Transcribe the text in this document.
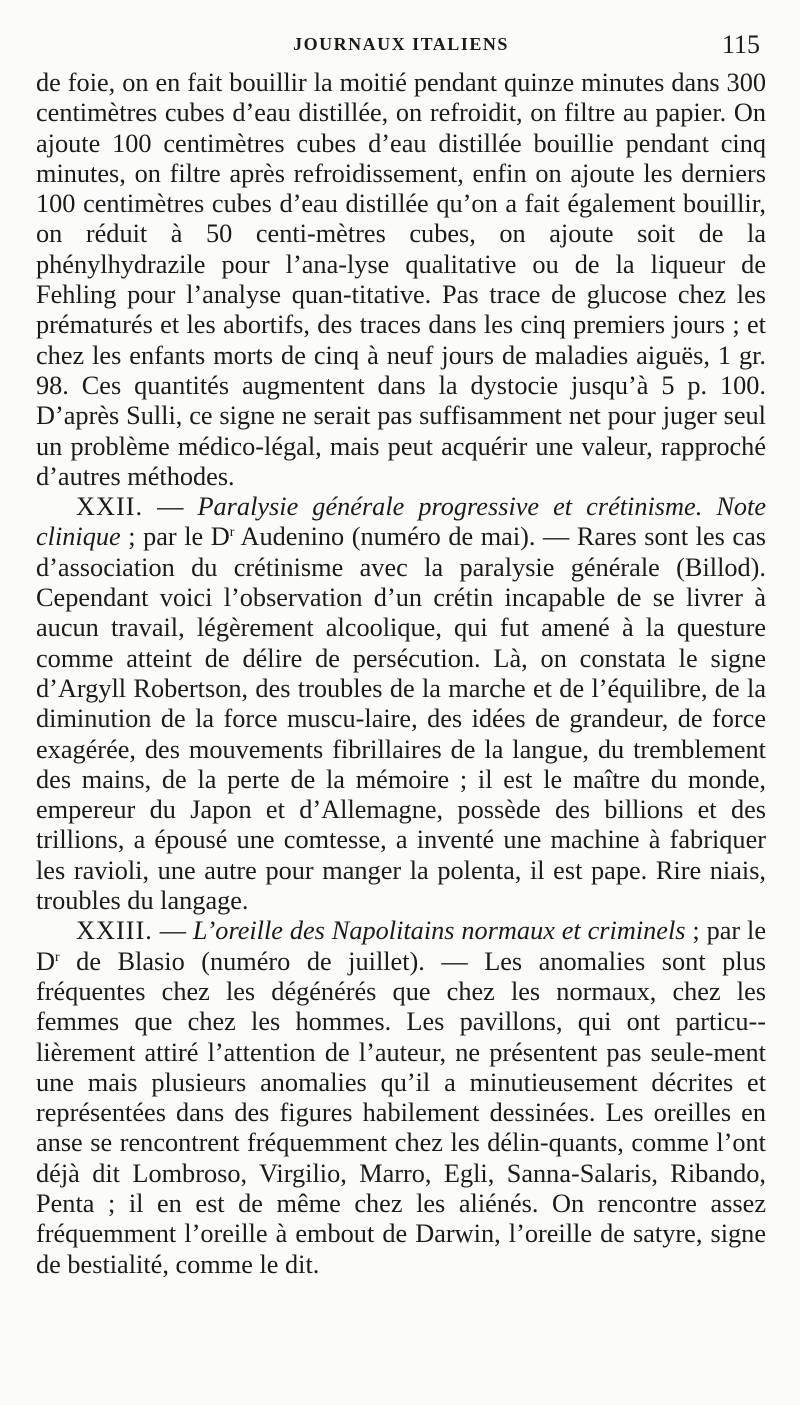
JOURNAUX ITALIENS	115

de foie, on en fait bouillir la moitié pendant quinze minutes dans 300 centimètres cubes d’eau distillée, on refroidit, on filtre au papier. On ajoute 100 centimètres cubes d’eau distillée bouillie pendant cinq minutes, on filtre après refroidissement, enfin on ajoute les derniers 100 centimètres cubes d’eau distillée qu’on a fait également bouillir, on réduit à 50 centi-mètres cubes, on ajoute soit de la phénylhydrazile pour l’ana-lyse qualitative ou de la liqueur de Fehling pour l’analyse quan-titative. Pas trace de glucose chez les prématurés et les abortifs, des traces dans les cinq premiers jours ; et chez les enfants morts de cinq à neuf jours de maladies aiguës, 1 gr. 98. Ces quantités augmentent dans la dystocie jusqu’à 5 p. 100. D’après Sulli, ce signe ne serait pas suffisamment net pour juger seul un problème médico-légal, mais peut acquérir une valeur, rapproché d’autres méthodes.

XXII. — Paralysie générale progressive et crétinisme. Note clinique ; par le $D^r$ Audenino (numéro de mai). — Rares sont les cas d’association du crétinisme avec la paralysie générale (Billod). Cependant voici l’observation d’un crétin incapable de se livrer à aucun travail, légèrement alcoolique, qui fut amené à la questure comme atteint de délire de persécution. Là, on constata le signe d’Argyll Robertson, des troubles de la marche et de l’équilibre, de la diminution de la force muscu-laire, des idées de grandeur, de force exagérée, des mouvements fibrillaires de la langue, du tremblement des mains, de la perte de la mémoire ; il est le maître du monde, empereur du Japon et d’Allemagne, possède des billions et des trillions, a épousé une comtesse, a inventé une machine à fabriquer les ravioli, une autre pour manger la polenta, il est pape. Rire niais, troubles du langage.

XXIII. — L’oreille des Napolitains normaux et criminels ; par le $D^r$ de Blasio (numéro de juillet). — Les anomalies sont plus fréquentes chez les dégénérés que chez les normaux, chez les femmes que chez les hommes. Les pavillons, qui ont particu-lièrement attiré l’attention de l’auteur, ne présentent pas seule-ment une mais plusieurs anomalies qu’il a minutieusement décrites et représentées dans des figures habilement dessinées. Les oreilles en anse se rencontrent fréquemment chez les délin-quants, comme l’ont déjà dit Lombroso, Virgilio, Marro, Egli, Sanna-Salaris, Ribando, Penta ; il en est de même chez les aliénés. On rencontre assez fréquemment l’oreille à embout de Darwin, l’oreille de satyre, signe de bestialité, comme le dit.
